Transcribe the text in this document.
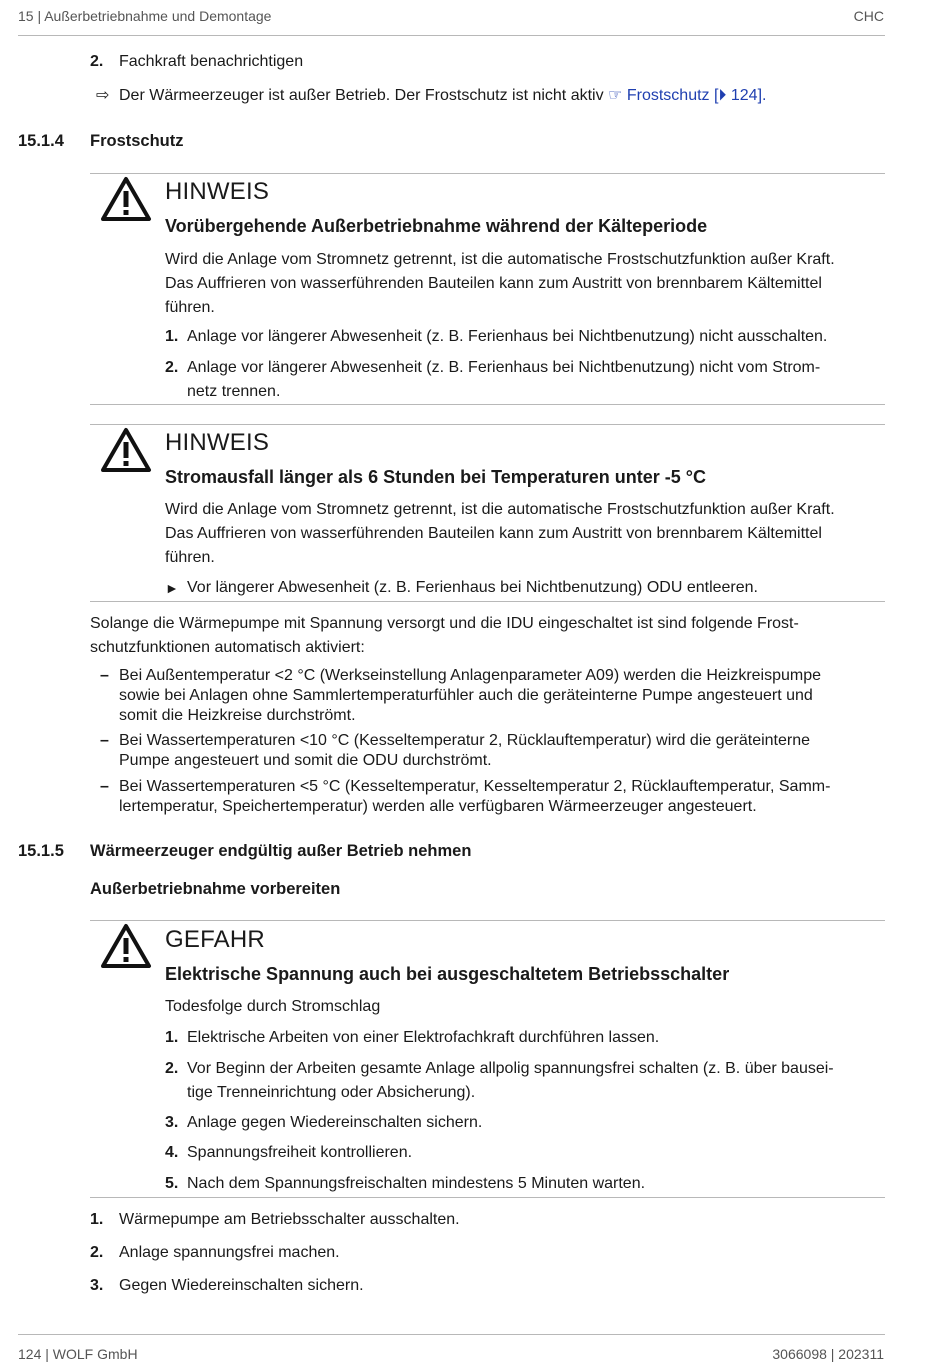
15 | Außerbetriebnahme und Demontage	CHC
2. Fachkraft benachrichtigen
⇨ Der Wärmeerzeuger ist außer Betrieb. Der Frostschutz ist nicht aktiv ☞ Frostschutz [⏵ 124].
15.1.4 Frostschutz
HINWEIS
Vorübergehende Außerbetriebnahme während der Kälteperiode
Wird die Anlage vom Stromnetz getrennt, ist die automatische Frostschutzfunktion außer Kraft.
Das Auffrieren von wasserführenden Bauteilen kann zum Austritt von brennbarem Kältemittel
führen.
1. Anlage vor längerer Abwesenheit (z. B. Ferienhaus bei Nichtbenutzung) nicht ausschalten.
2. Anlage vor längerer Abwesenheit (z. B. Ferienhaus bei Nichtbenutzung) nicht vom Strom-
netz trennen.
HINWEIS
Stromausfall länger als 6 Stunden bei Temperaturen unter -5 °C
Wird die Anlage vom Stromnetz getrennt, ist die automatische Frostschutzfunktion außer Kraft.
Das Auffrieren von wasserführenden Bauteilen kann zum Austritt von brennbarem Kältemittel
führen.
► Vor längerer Abwesenheit (z. B. Ferienhaus bei Nichtbenutzung) ODU entleeren.
Solange die Wärmepumpe mit Spannung versorgt und die IDU eingeschaltet ist sind folgende Frost-
schutzfunktionen automatisch aktiviert:
– Bei Außentemperatur <2 °C (Werkseinstellung Anlagenparameter A09) werden die Heizkreispumpe
sowie bei Anlagen ohne Sammlertemperaturfühler auch die geräteinterne Pumpe angesteuert und
somit die Heizkreise durchströmt.
– Bei Wassertemperaturen <10 °C (Kesseltemperatur 2, Rücklauftemperatur) wird die geräteinterne
Pumpe angesteuert und somit die ODU durchströmt.
– Bei Wassertemperaturen <5 °C (Kesseltemperatur, Kesseltemperatur 2, Rücklauftemperatur, Samm-
lertemperatur, Speichertemperatur) werden alle verfügbaren Wärmeerzeuger angesteuert.
15.1.5 Wärmeerzeuger endgültig außer Betrieb nehmen
Außerbetriebnahme vorbereiten
GEFAHR
Elektrische Spannung auch bei ausgeschaltetem Betriebsschalter
Todesfolge durch Stromschlag
1. Elektrische Arbeiten von einer Elektrofachkraft durchführen lassen.
2. Vor Beginn der Arbeiten gesamte Anlage allpolig spannungsfrei schalten (z. B. über bausei-
tige Trenneinrichtung oder Absicherung).
3. Anlage gegen Wiedereinschalten sichern.
4. Spannungsfreiheit kontrollieren.
5. Nach dem Spannungsfreischalten mindestens 5 Minuten warten.
1. Wärmepumpe am Betriebsschalter ausschalten.
2. Anlage spannungsfrei machen.
3. Gegen Wiedereinschalten sichern.
124 | WOLF GmbH	3066098 | 202311
